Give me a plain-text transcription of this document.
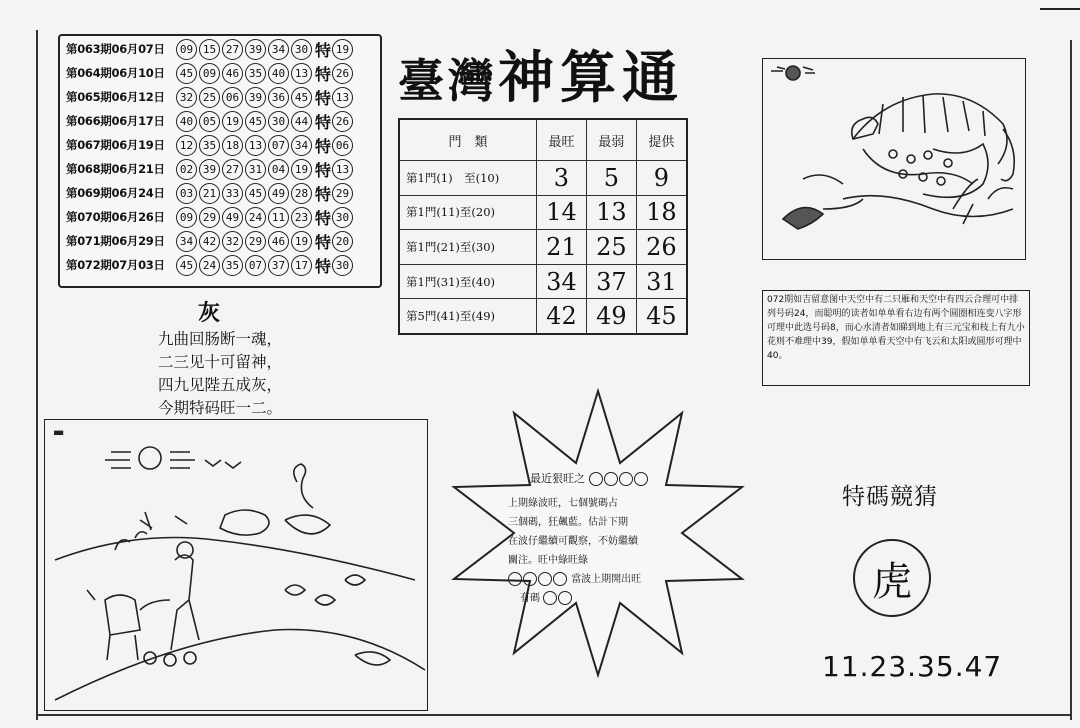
第063期06月07日	09 15 27 39 34 30 特 19
第064期06月10日	45 09 46 35 40 13 特 26
第065期06月12日	32 25 06 39 36 45 特 13
第066期06月17日	40 05 19 45 30 44 特 26
第067期06月19日	12 35 18 13 07 34 特 06
第068期06月21日	02 39 27 31 04 19 特 13
第069期06月24日	03 21 33 45 49 28 特 29
第070期06月26日	09 29 49 24 11 23 特 30
第071期06月29日	34 42 32 29 46 19 特 20
第072期07月03日	45 24 35 07 37 17 特 30
臺灣神算通
門　類	最旺	最弱	提供
第1門(1)　至(10)	3	5	9
第1門(11)至(20)	14	13	18
第1門(21)至(30)	21	25	26
第1門(31)至(40)	34	37	31
第5門(41)至(49)	42	49	45
072期如吉留意图中天空中有二只雁和天空中有四云合理可中排列号码24，而聪明的读者如单单看右边有两个圆圈相连变八字形可理中此选号码8，而心水清者如睇到地上有三元宝和枝上有九小花则不难理中39，假如单单看天空中有飞云和太阳或圆形可理中40。
灰
九曲回肠断一魂，
二三见十可留神，
四九见陛五成灰，
今期特码旺一二。
▬
最近狠旺之
上期綠波旺，七個號碼占
三個碼，狂飆藍。估計下期
在波仔繼續可觀察，不妨繼續
關注。旺中綠旺綠
當波上期開出旺
有碼
特碼競猜
虎
11.23.35.47
